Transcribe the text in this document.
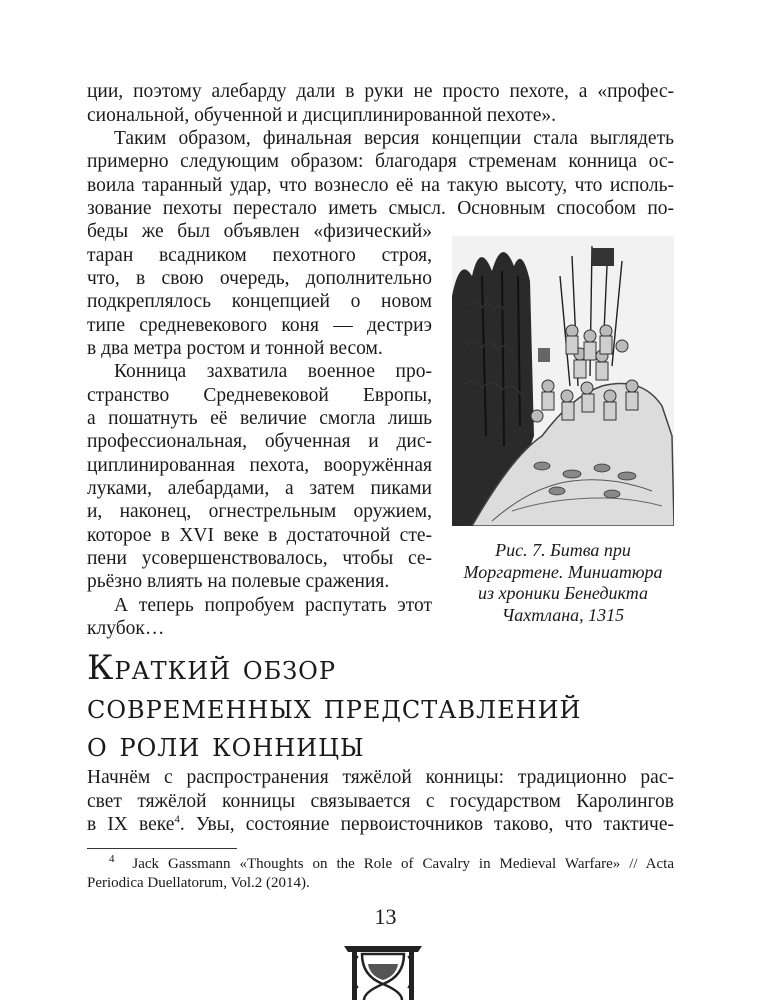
ции, поэтому алебарду дали в руки не просто пехоте, а «профес-

сиональной, обученной и дисциплинированной пехоте».

Таким образом, финальная версия концепции стала выглядеть

примерно следующим образом: благодаря стременам конница ос-

воила таранный удар, что вознесло её на такую высоту, что исполь-

зование пехоты перестало иметь смысл. Основным способом по-

беды же был объявлен «физический»

таран всадником пехотного строя,

что, в свою очередь, дополнительно

подкреплялось концепцией о новом

типе средневекового коня — дестриэ

в два метра ростом и тонной весом.

Конница захватила военное про-

странство Средневековой Европы,

а пошатнуть её величие смогла лишь

профессиональная, обученная и дис-

циплинированная пехота, вооружённая

луками, алебардами, а затем пиками

и, наконец, огнестрельным оружием,

которое в XVI веке в достаточной сте-

пени усовершенствовалось, чтобы се-

рьёзно влиять на полевые сражения.

А теперь попробуем распутать этот

клубок…

Рис. 7. Битва при
Моргартене. Миниатюра
из хроники Бенедикта
Чахтлана, 1315
Краткий обзор
современных представлений
о роли конницы

Начнём с распространения тяжёлой конницы: традиционно рас-

свет тяжёлой конницы связывается с государством Каролингов

в IX веке$^4$. Увы, состояние первоисточников таково, что тактиче-

$^4$ Jack Gassmann «Thoughts on the Role of Cavalry in Medieval Warfare» // Acta

Periodica Duellatorum, Vol.2 (2014).

13
